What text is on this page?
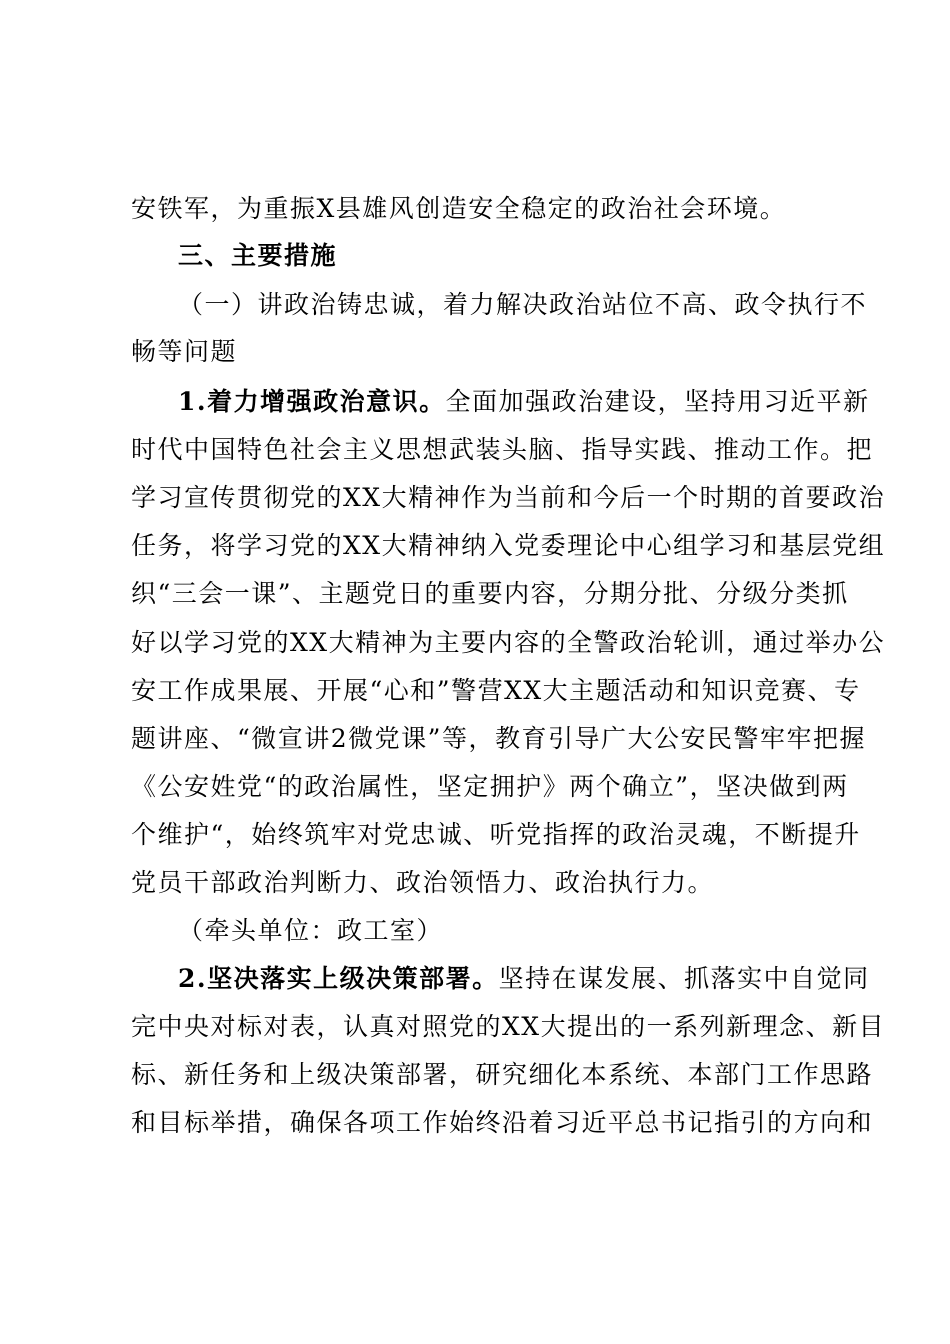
安铁军，为重振X县雄风创造安全稳定的政治社会环境。
三、主要措施
（一）讲政治铸忠诚，着力解决政治站位不高、政令执行不
畅等问题
1.着力增强政治意识。全面加强政治建设，坚持用习近平新
时代中国特色社会主义思想武装头脑、指导实践、推动工作。把
学习宣传贯彻党的XX大精神作为当前和今后一个时期的首要政治
任务，将学习党的XX大精神纳入党委理论中心组学习和基层党组
织“三会一课”、主题党日的重要内容，分期分批、分级分类抓
好以学习党的XX大精神为主要内容的全警政治轮训，通过举办公
安工作成果展、开展“心和”警营XX大主题活动和知识竞赛、专
题讲座、“微宣讲2微党课”等，教育引导广大公安民警牢牢把握
《公安姓党“的政治属性，坚定拥护》两个确立”，坚决做到两
个维护“，始终筑牢对党忠诚、听党指挥的政治灵魂，不断提升
党员干部政治判断力、政治领悟力、政治执行力。
（牵头单位：政工室）
2.坚决落实上级决策部署。坚持在谋发展、抓落实中自觉同
完中央对标对表，认真对照党的XX大提出的一系列新理念、新目
标、新任务和上级决策部署，研究细化本系统、本部门工作思路
和目标举措，确保各项工作始终沿着习近平总书记指引的方向和
